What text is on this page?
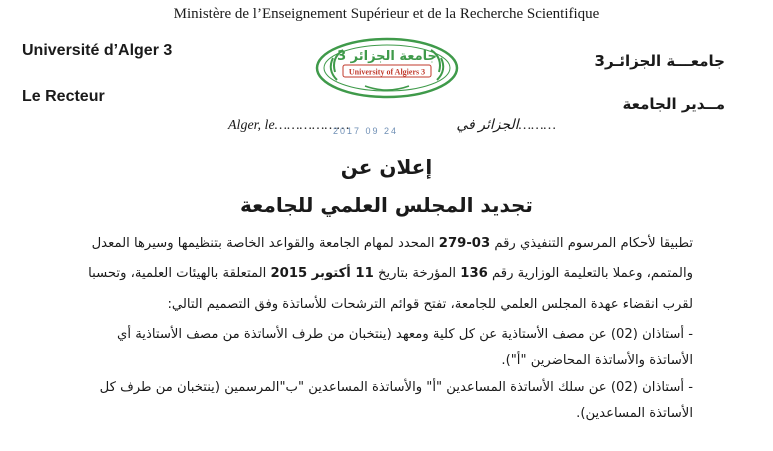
Ministère de l’Enseignement Supérieur et de la Recherche Scientifique
Université d’Alger 3
Le Recteur
جامعـــة الجزائـر3
مــدير الجامعة
جامعة الجزائر 3
University of Algiers 3
Alger, le………………	الجزائر في………
2017 09 24
إعلان عن
تجديد المجلس العلمي للجامعة
تطبيقا لأحكام المرسوم التنفيذي رقم 03-279 المحدد لمهام الجامعة والقواعد الخاصة بتنظيمها وسيرها المعدل
والمتمم، وعملا بالتعليمة الوزارية رقم 136 المؤرخة بتاريخ 11 أكتوبر 2015 المتعلقة بالهيئات العلمية، وتحسبا
لقرب انقضاء عهدة المجلس العلمي للجامعة، تفتح قوائم الترشحات للأساتذة وفق التصميم التالي:
- أستاذان (02) عن مصف الأستاذية عن كل كلية ومعهد (ينتخبان من طرف الأساتذة من مصف الأستاذية أي
الأساتذة والأساتذة المحاضرين "أ").
- أستاذان (02) عن سلك الأساتذة المساعدين "أ" والأساتذة المساعدين "ب"المرسمين (ينتخبان من طرف كل
الأساتذة المساعدين).
